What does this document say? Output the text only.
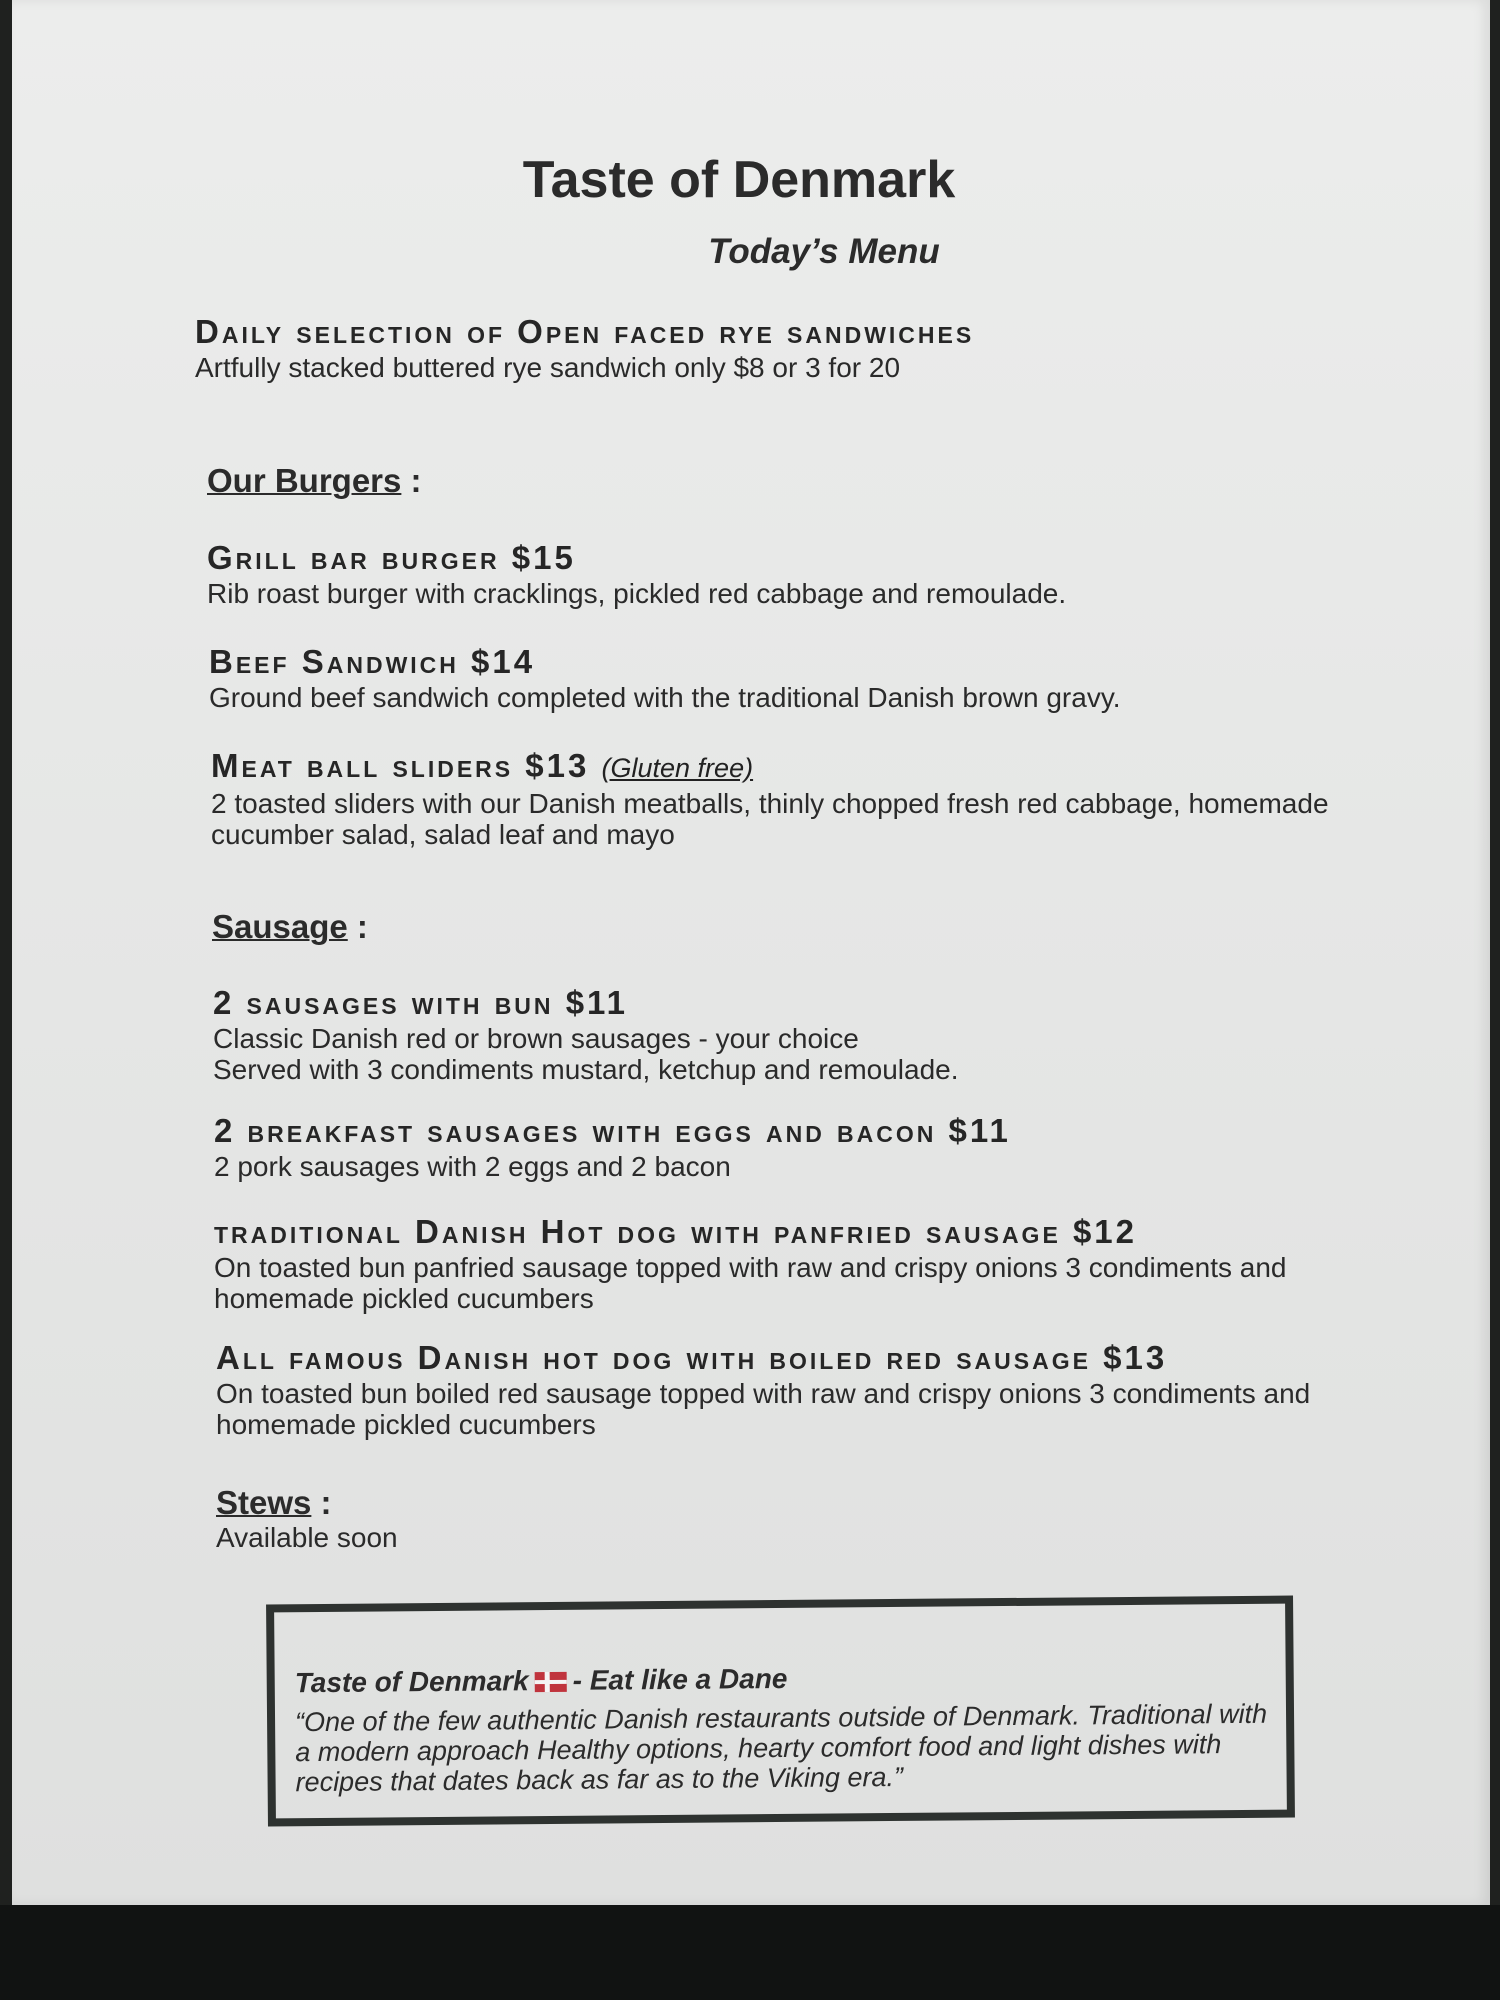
Taste of Denmark
Today’s Menu
Daily selection of Open faced rye sandwiches
Artfully stacked buttered rye sandwich only $8 or 3 for 20
Our Burgers :
Grill bar burger $15
Rib roast burger with cracklings, pickled red cabbage and remoulade.
Beef Sandwich $14
Ground beef sandwich completed with the traditional Danish brown gravy.
Meat ball sliders $13 (Gluten free)
2 toasted sliders with our Danish meatballs, thinly chopped fresh red cabbage, homemade cucumber salad, salad leaf and mayo
Sausage :
2 sausages with bun $11
Classic Danish red or brown sausages - your choice
Served with 3 condiments mustard, ketchup and remoulade.
2 breakfast sausages with eggs and bacon $11
2 pork sausages with 2 eggs and 2 bacon
traditional Danish Hot dog with panfried sausage $12
On toasted bun panfried sausage topped with raw and crispy onions 3 condiments and homemade pickled cucumbers
All famous Danish hot dog with boiled red sausage $13
On toasted bun boiled red sausage topped with raw and crispy onions 3 condiments and homemade pickled cucumbers
Stews :
Available soon
Taste of Denmark - Eat like a Dane
“One of the few authentic Danish restaurants outside of Denmark. Traditional with a modern approach Healthy options, hearty comfort food and light dishes with recipes that dates back as far as to the Viking era.”
